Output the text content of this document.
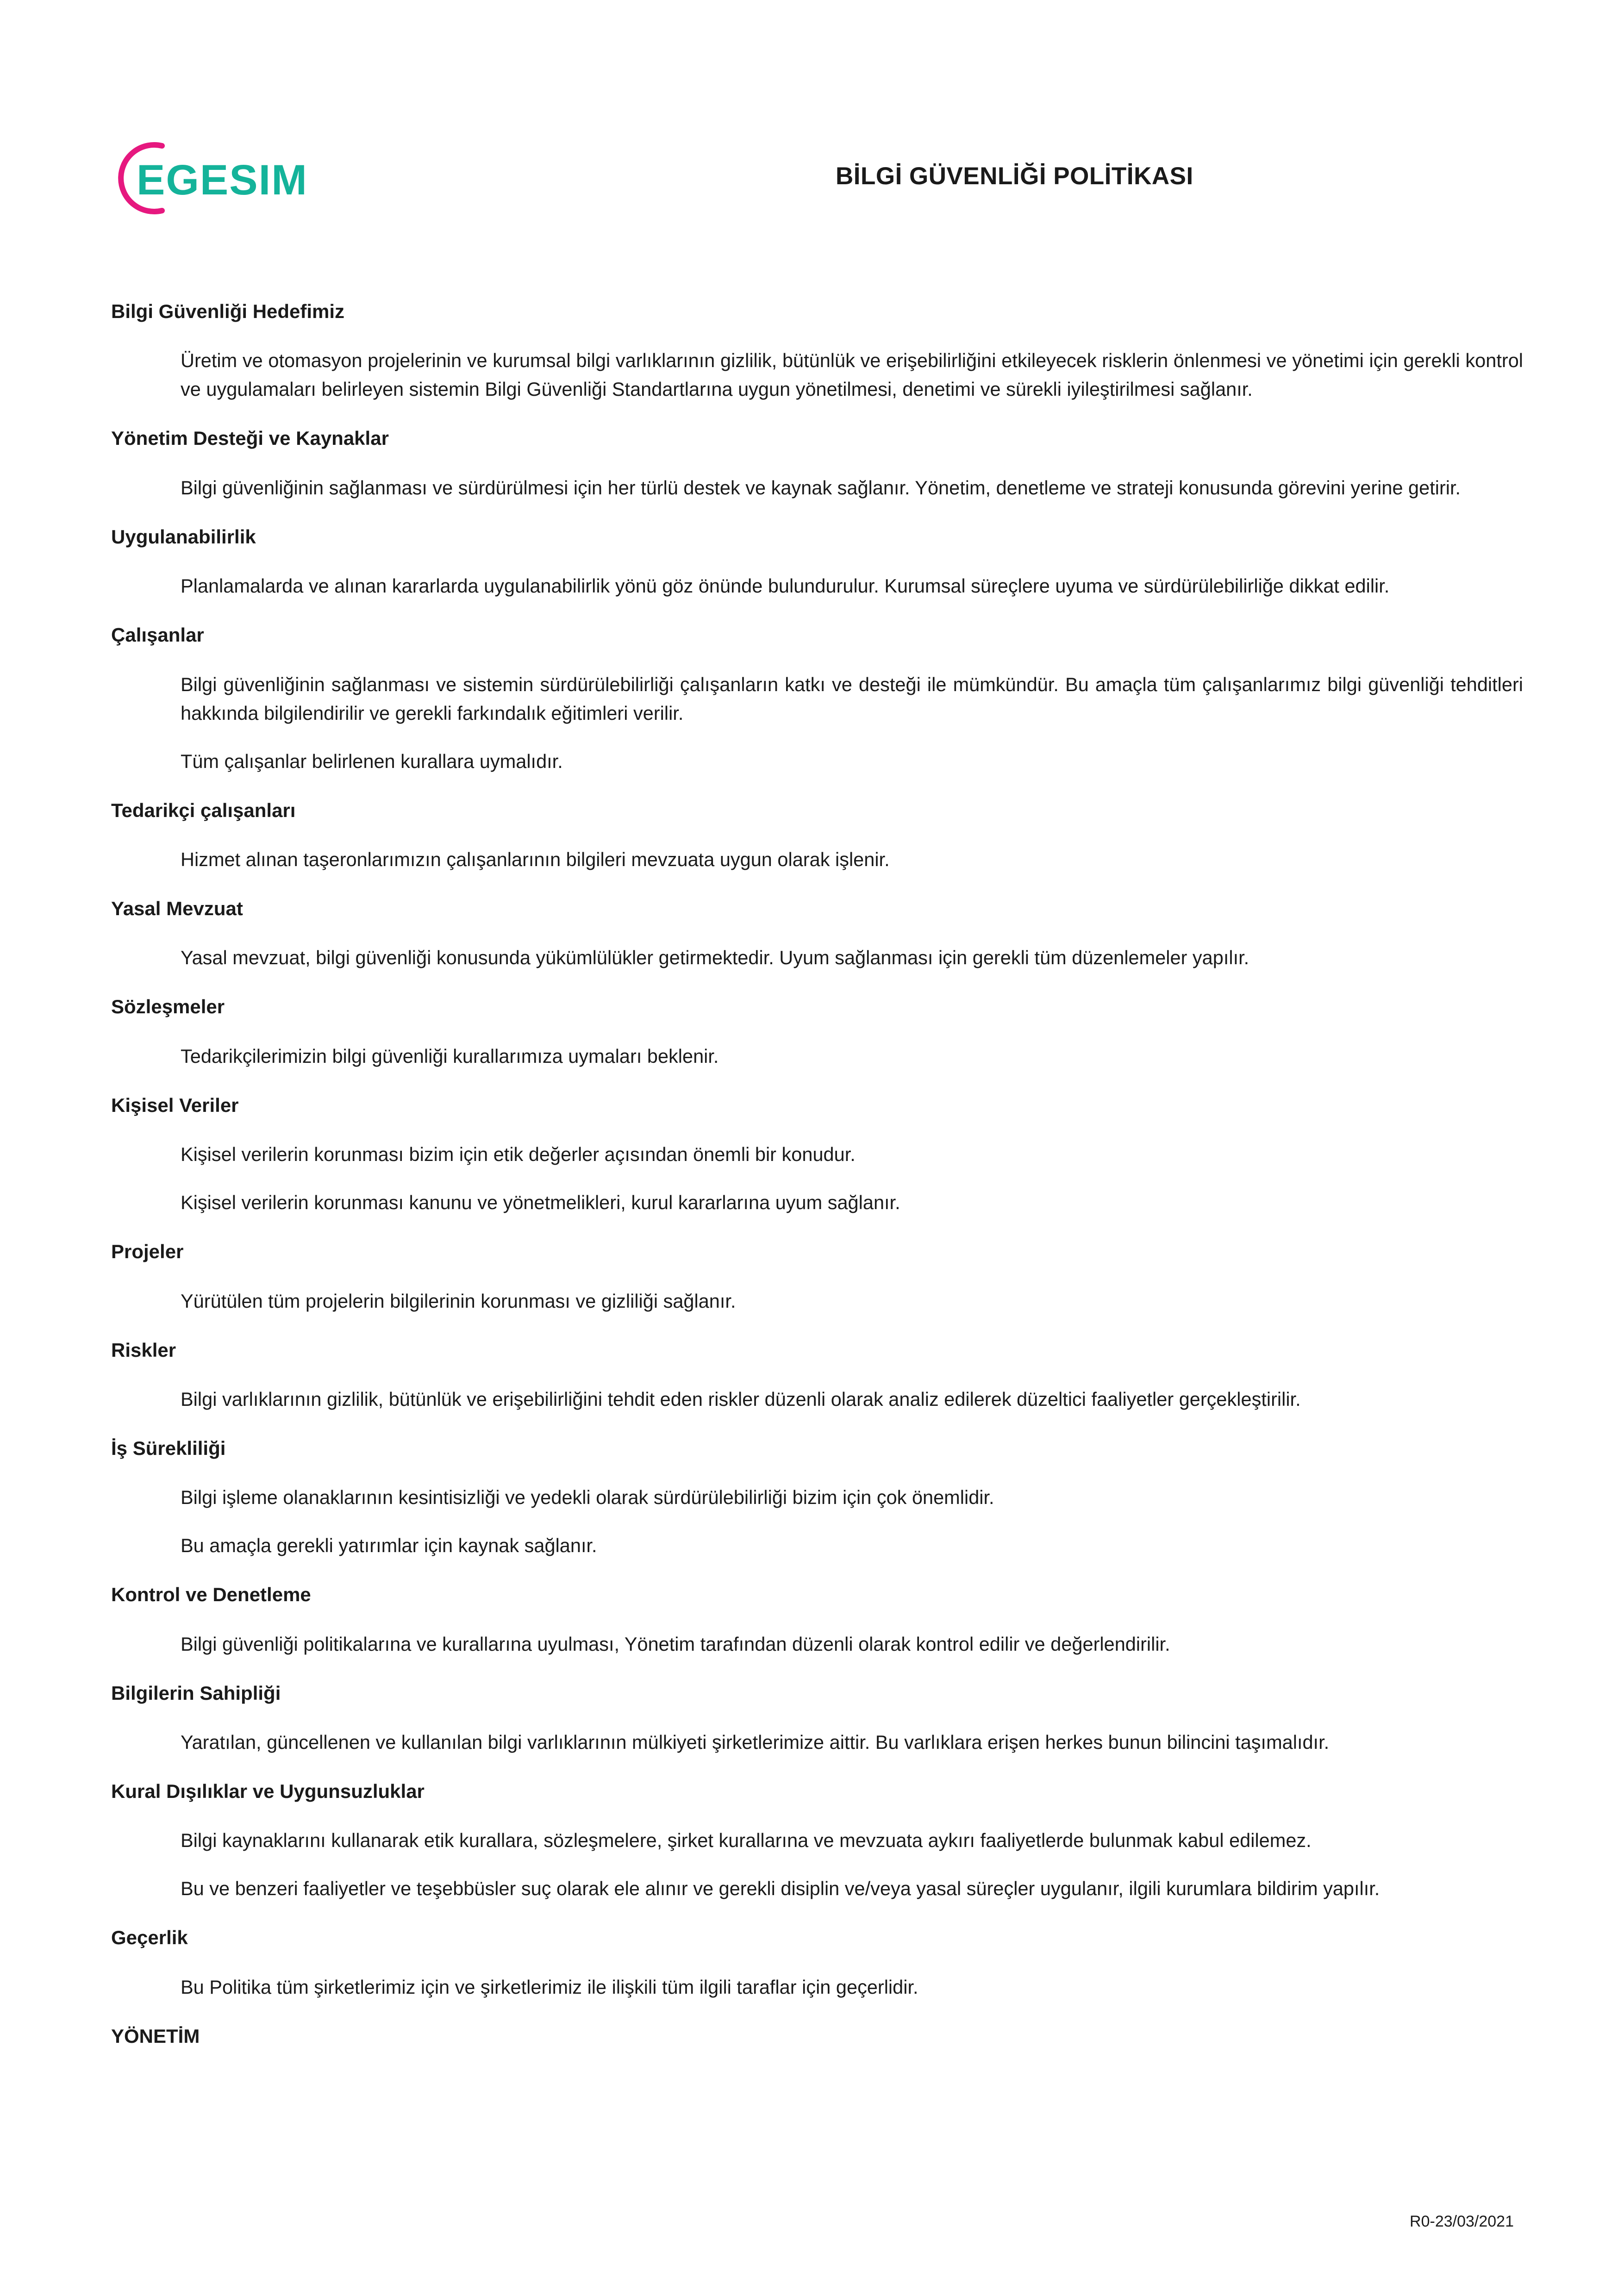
EGESIM	BİLGİ GÜVENLİĞİ POLİTİKASI
Bilgi Güvenliği Hedefimiz
Üretim ve otomasyon projelerinin ve kurumsal bilgi varlıklarının gizlilik, bütünlük ve erişebilirliğini etkileyecek risklerin önlenmesi ve yönetimi için gerekli kontrol ve uygulamaları belirleyen sistemin Bilgi Güvenliği Standartlarına uygun yönetilmesi, denetimi ve sürekli iyileştirilmesi sağlanır.
Yönetim Desteği ve Kaynaklar
Bilgi güvenliğinin sağlanması ve sürdürülmesi için her türlü destek ve kaynak sağlanır. Yönetim, denetleme ve strateji konusunda görevini yerine getirir.
Uygulanabilirlik
Planlamalarda ve alınan kararlarda uygulanabilirlik yönü göz önünde bulundurulur. Kurumsal süreçlere uyuma ve sürdürülebilirliğe dikkat edilir.
Çalışanlar
Bilgi güvenliğinin sağlanması ve sistemin sürdürülebilirliği çalışanların katkı ve desteği ile mümkündür. Bu amaçla tüm çalışanlarımız bilgi güvenliği tehditleri hakkında bilgilendirilir ve gerekli farkındalık eğitimleri verilir.
Tüm çalışanlar belirlenen kurallara uymalıdır.
Tedarikçi çalışanları
Hizmet alınan taşeronlarımızın çalışanlarının bilgileri mevzuata uygun olarak işlenir.
Yasal Mevzuat
Yasal mevzuat, bilgi güvenliği konusunda yükümlülükler getirmektedir. Uyum sağlanması için gerekli tüm düzenlemeler yapılır.
Sözleşmeler
Tedarikçilerimizin bilgi güvenliği kurallarımıza uymaları beklenir.
Kişisel Veriler
Kişisel verilerin korunması bizim için etik değerler açısından önemli bir konudur.
Kişisel verilerin korunması kanunu ve yönetmelikleri, kurul kararlarına uyum sağlanır.
Projeler
Yürütülen tüm projelerin bilgilerinin korunması ve gizliliği sağlanır.
Riskler
Bilgi varlıklarının gizlilik, bütünlük ve erişebilirliğini tehdit eden riskler düzenli olarak analiz edilerek düzeltici faaliyetler gerçekleştirilir.
İş Sürekliliği
Bilgi işleme olanaklarının kesintisizliği ve yedekli olarak sürdürülebilirliği bizim için çok önemlidir.
Bu amaçla gerekli yatırımlar için kaynak sağlanır.
Kontrol ve Denetleme
Bilgi güvenliği politikalarına ve kurallarına uyulması, Yönetim tarafından düzenli olarak kontrol edilir ve değerlendirilir.
Bilgilerin Sahipliği
Yaratılan, güncellenen ve kullanılan bilgi varlıklarının mülkiyeti şirketlerimize aittir. Bu varlıklara erişen herkes bunun bilincini taşımalıdır.
Kural Dışılıklar ve Uygunsuzluklar
Bilgi kaynaklarını kullanarak etik kurallara, sözleşmelere, şirket kurallarına ve mevzuata aykırı faaliyetlerde bulunmak kabul edilemez.
Bu ve benzeri faaliyetler ve teşebbüsler suç olarak ele alınır ve gerekli disiplin ve/veya yasal süreçler uygulanır, ilgili kurumlara bildirim yapılır.
Geçerlik
Bu Politika tüm şirketlerimiz için ve şirketlerimiz ile ilişkili tüm ilgili taraflar için geçerlidir.
YÖNETİM
R0-23/03/2021
